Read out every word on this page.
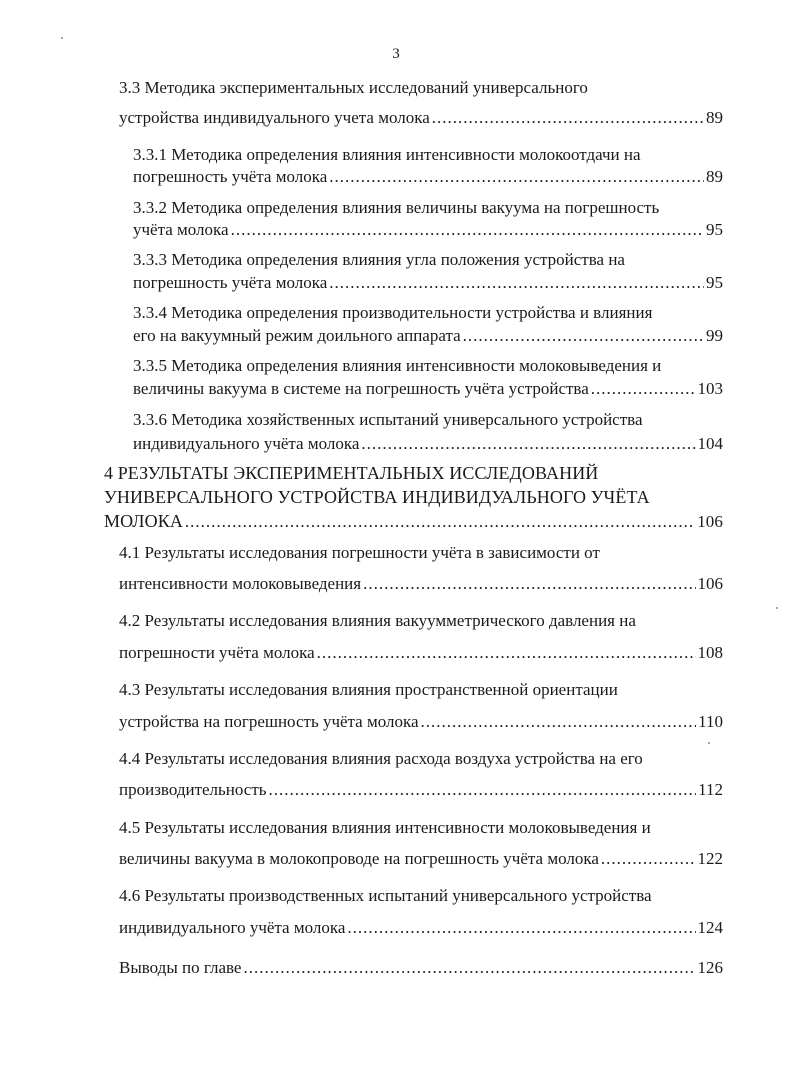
3
3.3 Методика экспериментальных исследований универсального
устройства индивидуального учета молока .....	89
3.3.1 Методика определения влияния интенсивности молокоотдачи на
погрешность учёта молока .....	89
3.3.2 Методика определения влияния величины вакуума на погрешность
учёта молока .....	95
3.3.3 Методика определения влияния угла положения устройства на
погрешность учёта молока .....	95
3.3.4 Методика определения производительности устройства и влияния
его на вакуумный режим доильного аппарата .....	99
3.3.5 Методика определения влияния интенсивности молоковыведения и
величины вакуума в системе на погрешность учёта устройства .....	103
3.3.6 Методика хозяйственных испытаний универсального устройства
индивидуального учёта молока .....	104
4 РЕЗУЛЬТАТЫ ЭКСПЕРИМЕНТАЛЬНЫХ ИССЛЕДОВАНИЙ
УНИВЕРСАЛЬНОГО УСТРОЙСТВА ИНДИВИДУАЛЬНОГО УЧЁТА
МОЛОКА .....	106
4.1 Результаты исследования погрешности учёта в зависимости от
интенсивности молоковыведения .....	106
4.2 Результаты исследования влияния вакуумметрического давления на
погрешности учёта молока .....	108
4.3 Результаты исследования влияния пространственной ориентации
устройства на погрешность учёта молока .....	110
4.4 Результаты исследования влияния расхода воздуха устройства на его
производительность .....	112
4.5 Результаты исследования влияния интенсивности молоковыведения и
величины вакуума в молокопроводе на погрешность учёта молока .....	122
4.6 Результаты производственных испытаний универсального устройства
индивидуального учёта молока .....	124
Выводы по главе .....	126
